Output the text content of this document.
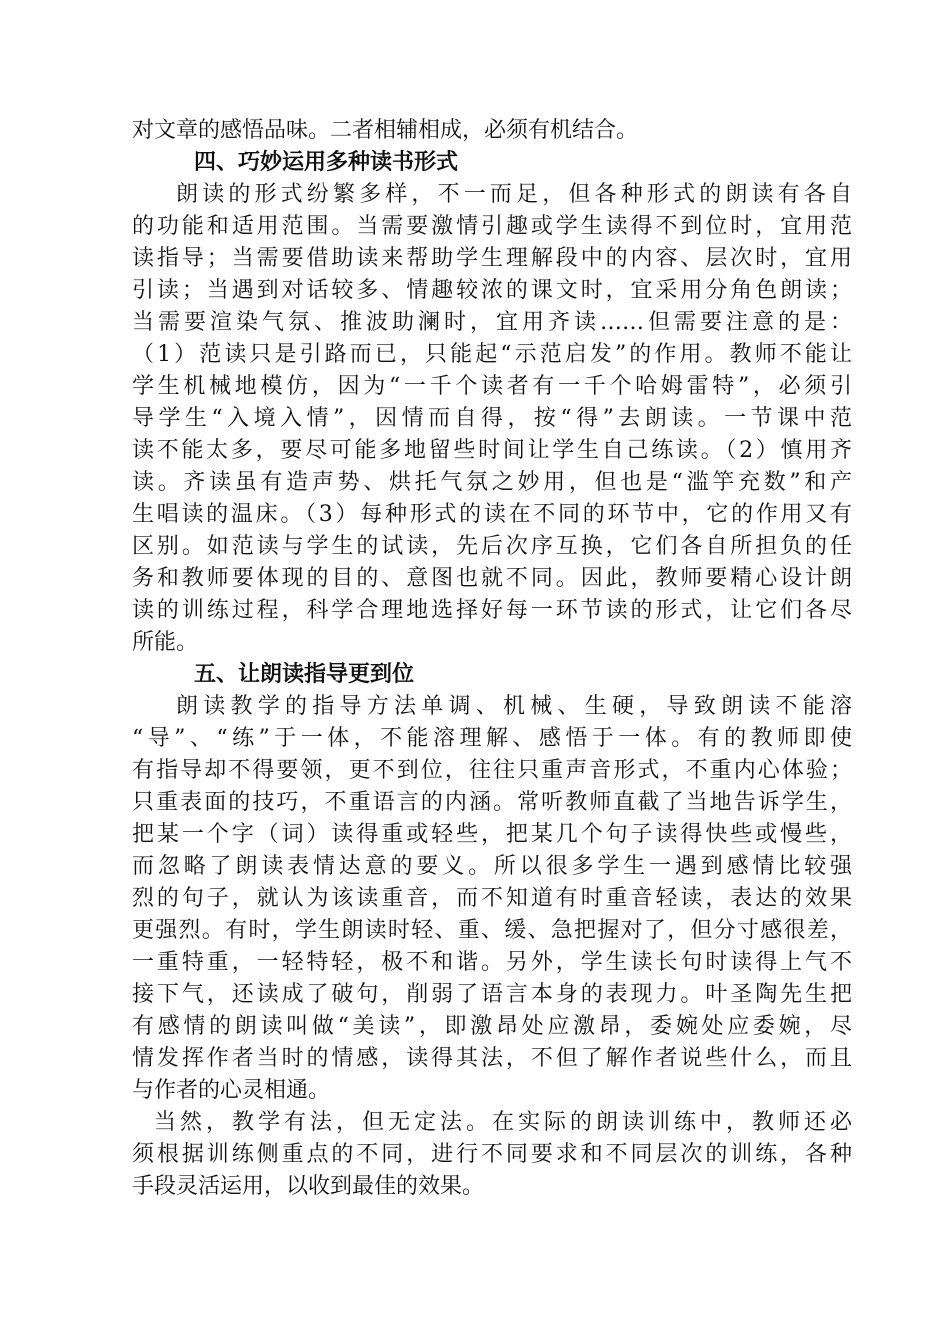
对文章的感悟品味。二者相辅相成，必须有机结合。
四、巧妙运用多种读书形式
朗读的形式纷繁多样，不一而足，但各种形式的朗读有各自
的功能和适用范围。当需要激情引趣或学生读得不到位时，宜用范
读指导；当需要借助读来帮助学生理解段中的内容、层次时，宜用
引读；当遇到对话较多、情趣较浓的课文时，宜采用分角色朗读；
当需要渲染气氛、推波助澜时，宜用齐读……但需要注意的是：
（1）范读只是引路而已，只能起“示范启发”的作用。教师不能让
学生机械地模仿，因为“一千个读者有一千个哈姆雷特”，必须引
导学生“入境入情”，因情而自得，按“得”去朗读。一节课中范
读不能太多，要尽可能多地留些时间让学生自己练读。（2）慎用齐
读。齐读虽有造声势、烘托气氛之妙用，但也是“滥竽充数”和产
生唱读的温床。（3）每种形式的读在不同的环节中，它的作用又有
区别。如范读与学生的试读，先后次序互换，它们各自所担负的任
务和教师要体现的目的、意图也就不同。因此，教师要精心设计朗
读的训练过程，科学合理地选择好每一环节读的形式，让它们各尽
所能。
五、让朗读指导更到位
朗读教学的指导方法单调、机械、生硬，导致朗读不能溶
“导”、“练”于一体，不能溶理解、感悟于一体。有的教师即使
有指导却不得要领，更不到位，往往只重声音形式，不重内心体验；
只重表面的技巧，不重语言的内涵。常听教师直截了当地告诉学生，
把某一个字（词）读得重或轻些，把某几个句子读得快些或慢些，
而忽略了朗读表情达意的要义。所以很多学生一遇到感情比较强
烈的句子，就认为该读重音，而不知道有时重音轻读，表达的效果
更强烈。有时，学生朗读时轻、重、缓、急把握对了，但分寸感很差，
一重特重，一轻特轻，极不和谐。另外，学生读长句时读得上气不
接下气，还读成了破句，削弱了语言本身的表现力。叶圣陶先生把
有感情的朗读叫做“美读”，即激昂处应激昂，委婉处应委婉，尽
情发挥作者当时的情感，读得其法，不但了解作者说些什么，而且
与作者的心灵相通。
当然，教学有法，但无定法。在实际的朗读训练中，教师还必
须根据训练侧重点的不同，进行不同要求和不同层次的训练，各种
手段灵活运用，以收到最佳的效果。
